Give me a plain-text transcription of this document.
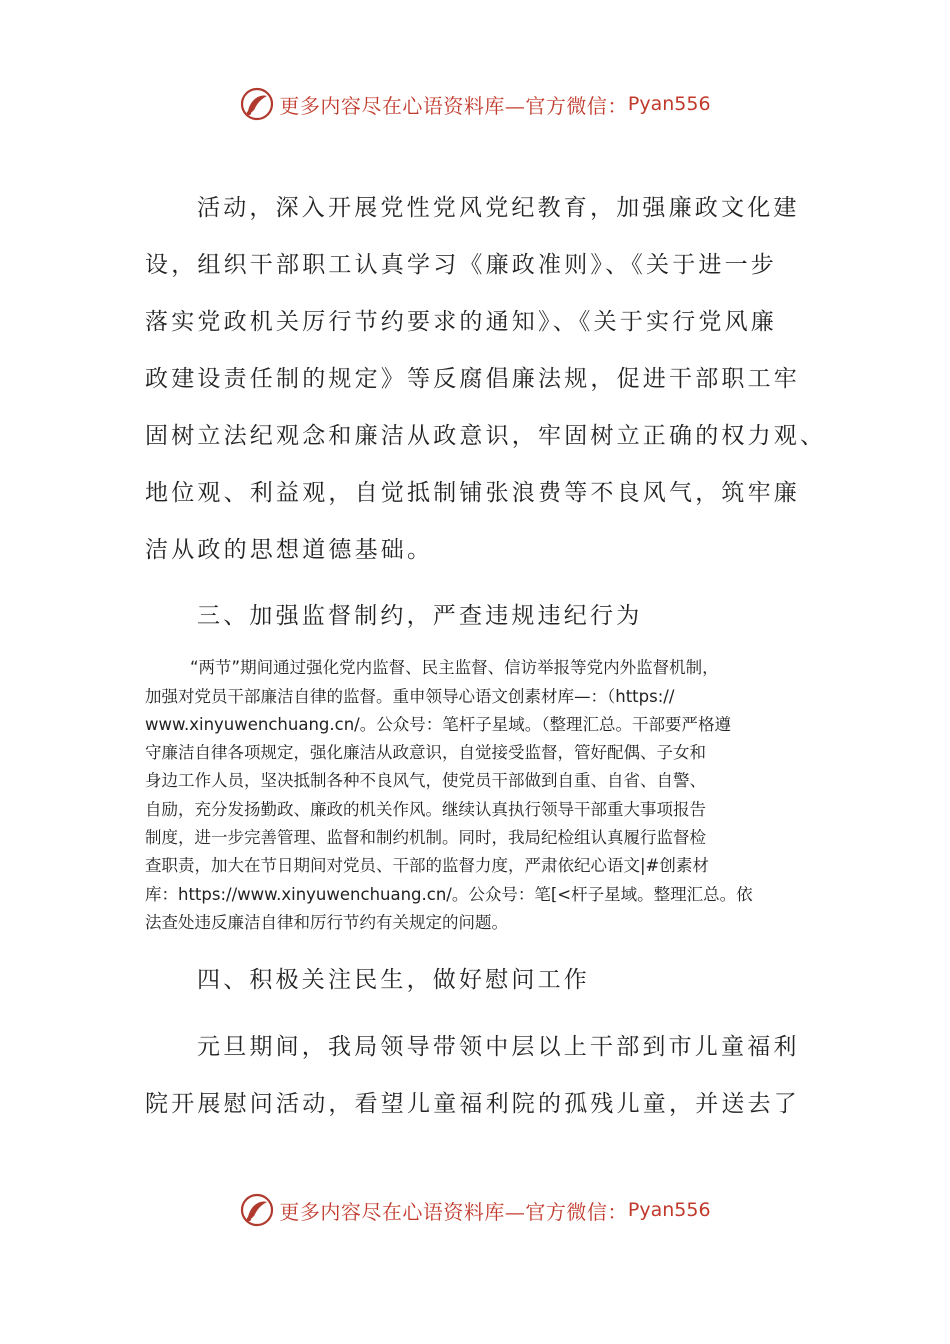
更多内容尽在心语资料库—官方微信： Pyan556
活动，深入开展党性党风党纪教育，加强廉政文化建
设，组织干部职工认真学习《廉政准则》、《关于进一步
落实党政机关厉行节约要求的通知》、《关于实行党风廉
政建设责任制的规定》等反腐倡廉法规，促进干部职工牢
固树立法纪观念和廉洁从政意识，牢固树立正确的权力观、
地位观、利益观，自觉抵制铺张浪费等不良风气，筑牢廉
洁从政的思想道德基础。
三、加强监督制约，严查违规违纪行为
“两节”期间通过强化党内监督、民主监督、信访举报等党内外监督机制，
加强对党员干部廉洁自律的监督。重申领导心语文创素材库—：（https://
www.xinyuwenchuang.cn/。公众号：笔杆子星域。（整理汇总。干部要严格遵
守廉洁自律各项规定，强化廉洁从政意识，自觉接受监督，管好配偶、子女和
身边工作人员，坚决抵制各种不良风气，使党员干部做到自重、自省、自警、
自励，充分发扬勤政、廉政的机关作风。继续认真执行领导干部重大事项报告
制度，进一步完善管理、监督和制约机制。同时，我局纪检组认真履行监督检
查职责，加大在节日期间对党员、干部的监督力度，严肃依纪心语文|#创素材
库：https://www.xinyuwenchuang.cn/。公众号：笔[<杆子星域。整理汇总。依
法查处违反廉洁自律和厉行节约有关规定的问题。
四、积极关注民生，做好慰问工作
元旦期间，我局领导带领中层以上干部到市儿童福利
院开展慰问活动，看望儿童福利院的孤残儿童，并送去了
更多内容尽在心语资料库—官方微信： Pyan556
